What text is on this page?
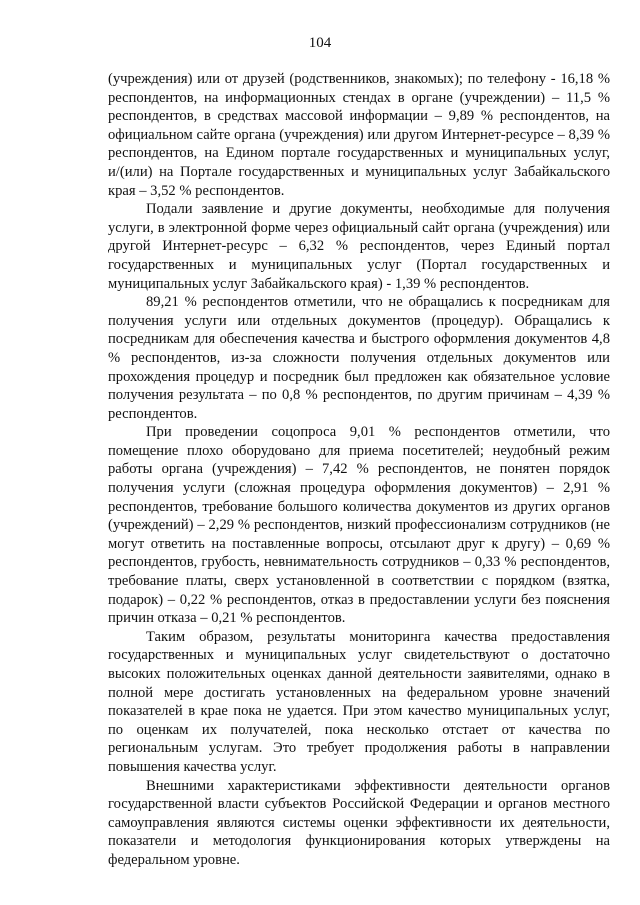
104

(учреждения) или от друзей (родственников, знакомых); по телефону - 16,18 % респондентов, на информационных стендах в органе (учреждении) – 11,5 % респондентов, в средствах массовой информации – 9,89 % респондентов, на официальном сайте органа (учреждения) или другом Интернет-ресурсе – 8,39 % респондентов, на Едином портале государственных и муниципальных услуг, и/(или) на Портале государственных и муниципальных услуг Забайкальского края – 3,52 % респондентов.

Подали заявление и другие документы, необходимые для получения услуги, в электронной форме через официальный сайт органа (учреждения) или другой Интернет-ресурс – 6,32 % респондентов, через Единый портал государственных и муниципальных услуг (Портал государственных и муниципальных услуг Забайкальского края) - 1,39 % респондентов.

89,21 % респондентов отметили, что не обращались к посредникам для получения услуги или отдельных документов (процедур). Обращались к посредникам для обеспечения качества и быстрого оформления документов 4,8 % респондентов, из-за сложности получения отдельных документов или прохождения процедур и посредник был предложен как обязательное условие получения результата – по 0,8 % респондентов, по другим причинам – 4,39 % респондентов.

При проведении соцопроса 9,01 % респондентов отметили, что помещение плохо оборудовано для приема посетителей; неудобный режим работы органа (учреждения) – 7,42 % респондентов, не понятен порядок получения услуги (сложная процедура оформления документов) – 2,91 % респондентов, требование большого количества документов из других органов (учреждений) – 2,29 % респондентов, низкий профессионализм сотрудников (не могут ответить на поставленные вопросы, отсылают друг к другу) – 0,69 % респондентов, грубость, невнимательность сотрудников – 0,33 % респондентов, требование платы, сверх установленной в соответствии с порядком (взятка, подарок) – 0,22 % респондентов, отказ в предоставлении услуги без пояснения причин отказа – 0,21 % респондентов.

Таким образом, результаты мониторинга качества предоставления государственных и муниципальных услуг свидетельствуют о достаточно высоких положительных оценках данной деятельности заявителями, однако в полной мере достигать установленных на федеральном уровне значений показателей в крае пока не удается. При этом качество муниципальных услуг, по оценкам их получателей, пока несколько отстает от качества по региональным услугам. Это требует продолжения работы в направлении повышения качества услуг.

Внешними характеристиками эффективности деятельности органов государственной власти субъектов Российской Федерации и органов местного самоуправления являются системы оценки эффективности их деятельности, показатели и методология функционирования которых утверждены на федеральном уровне.
